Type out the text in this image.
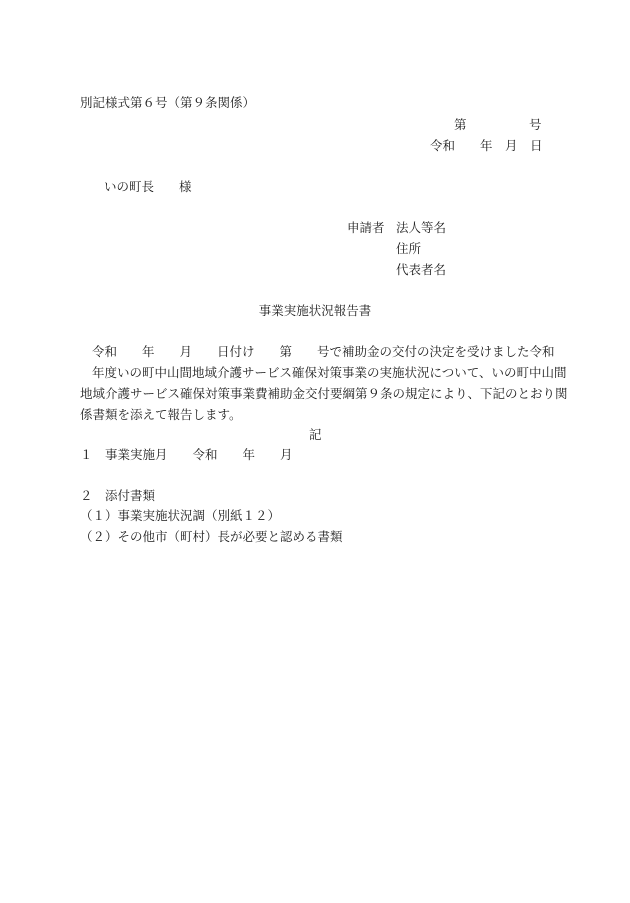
別記様式第６号（第９条関係）
第　　　　　号
令和　　年　月　日
いの町長　　様
申請者 法人等名
住所
代表者名
事業実施状況報告書
令和　　年　　月　　日付け　　第　　号で補助金の交付の決定を受けました令和
年度いの町中山間地域介護サービス確保対策事業の実施状況について、いの町中山間
地域介護サービス確保対策事業費補助金交付要綱第９条の規定により、下記のとおり関
係書類を添えて報告します。
記
１　事業実施月　　令和　　年　　月
２　添付書類
（１）事業実施状況調（別紙１２）
（２）その他市（町村）長が必要と認める書類
